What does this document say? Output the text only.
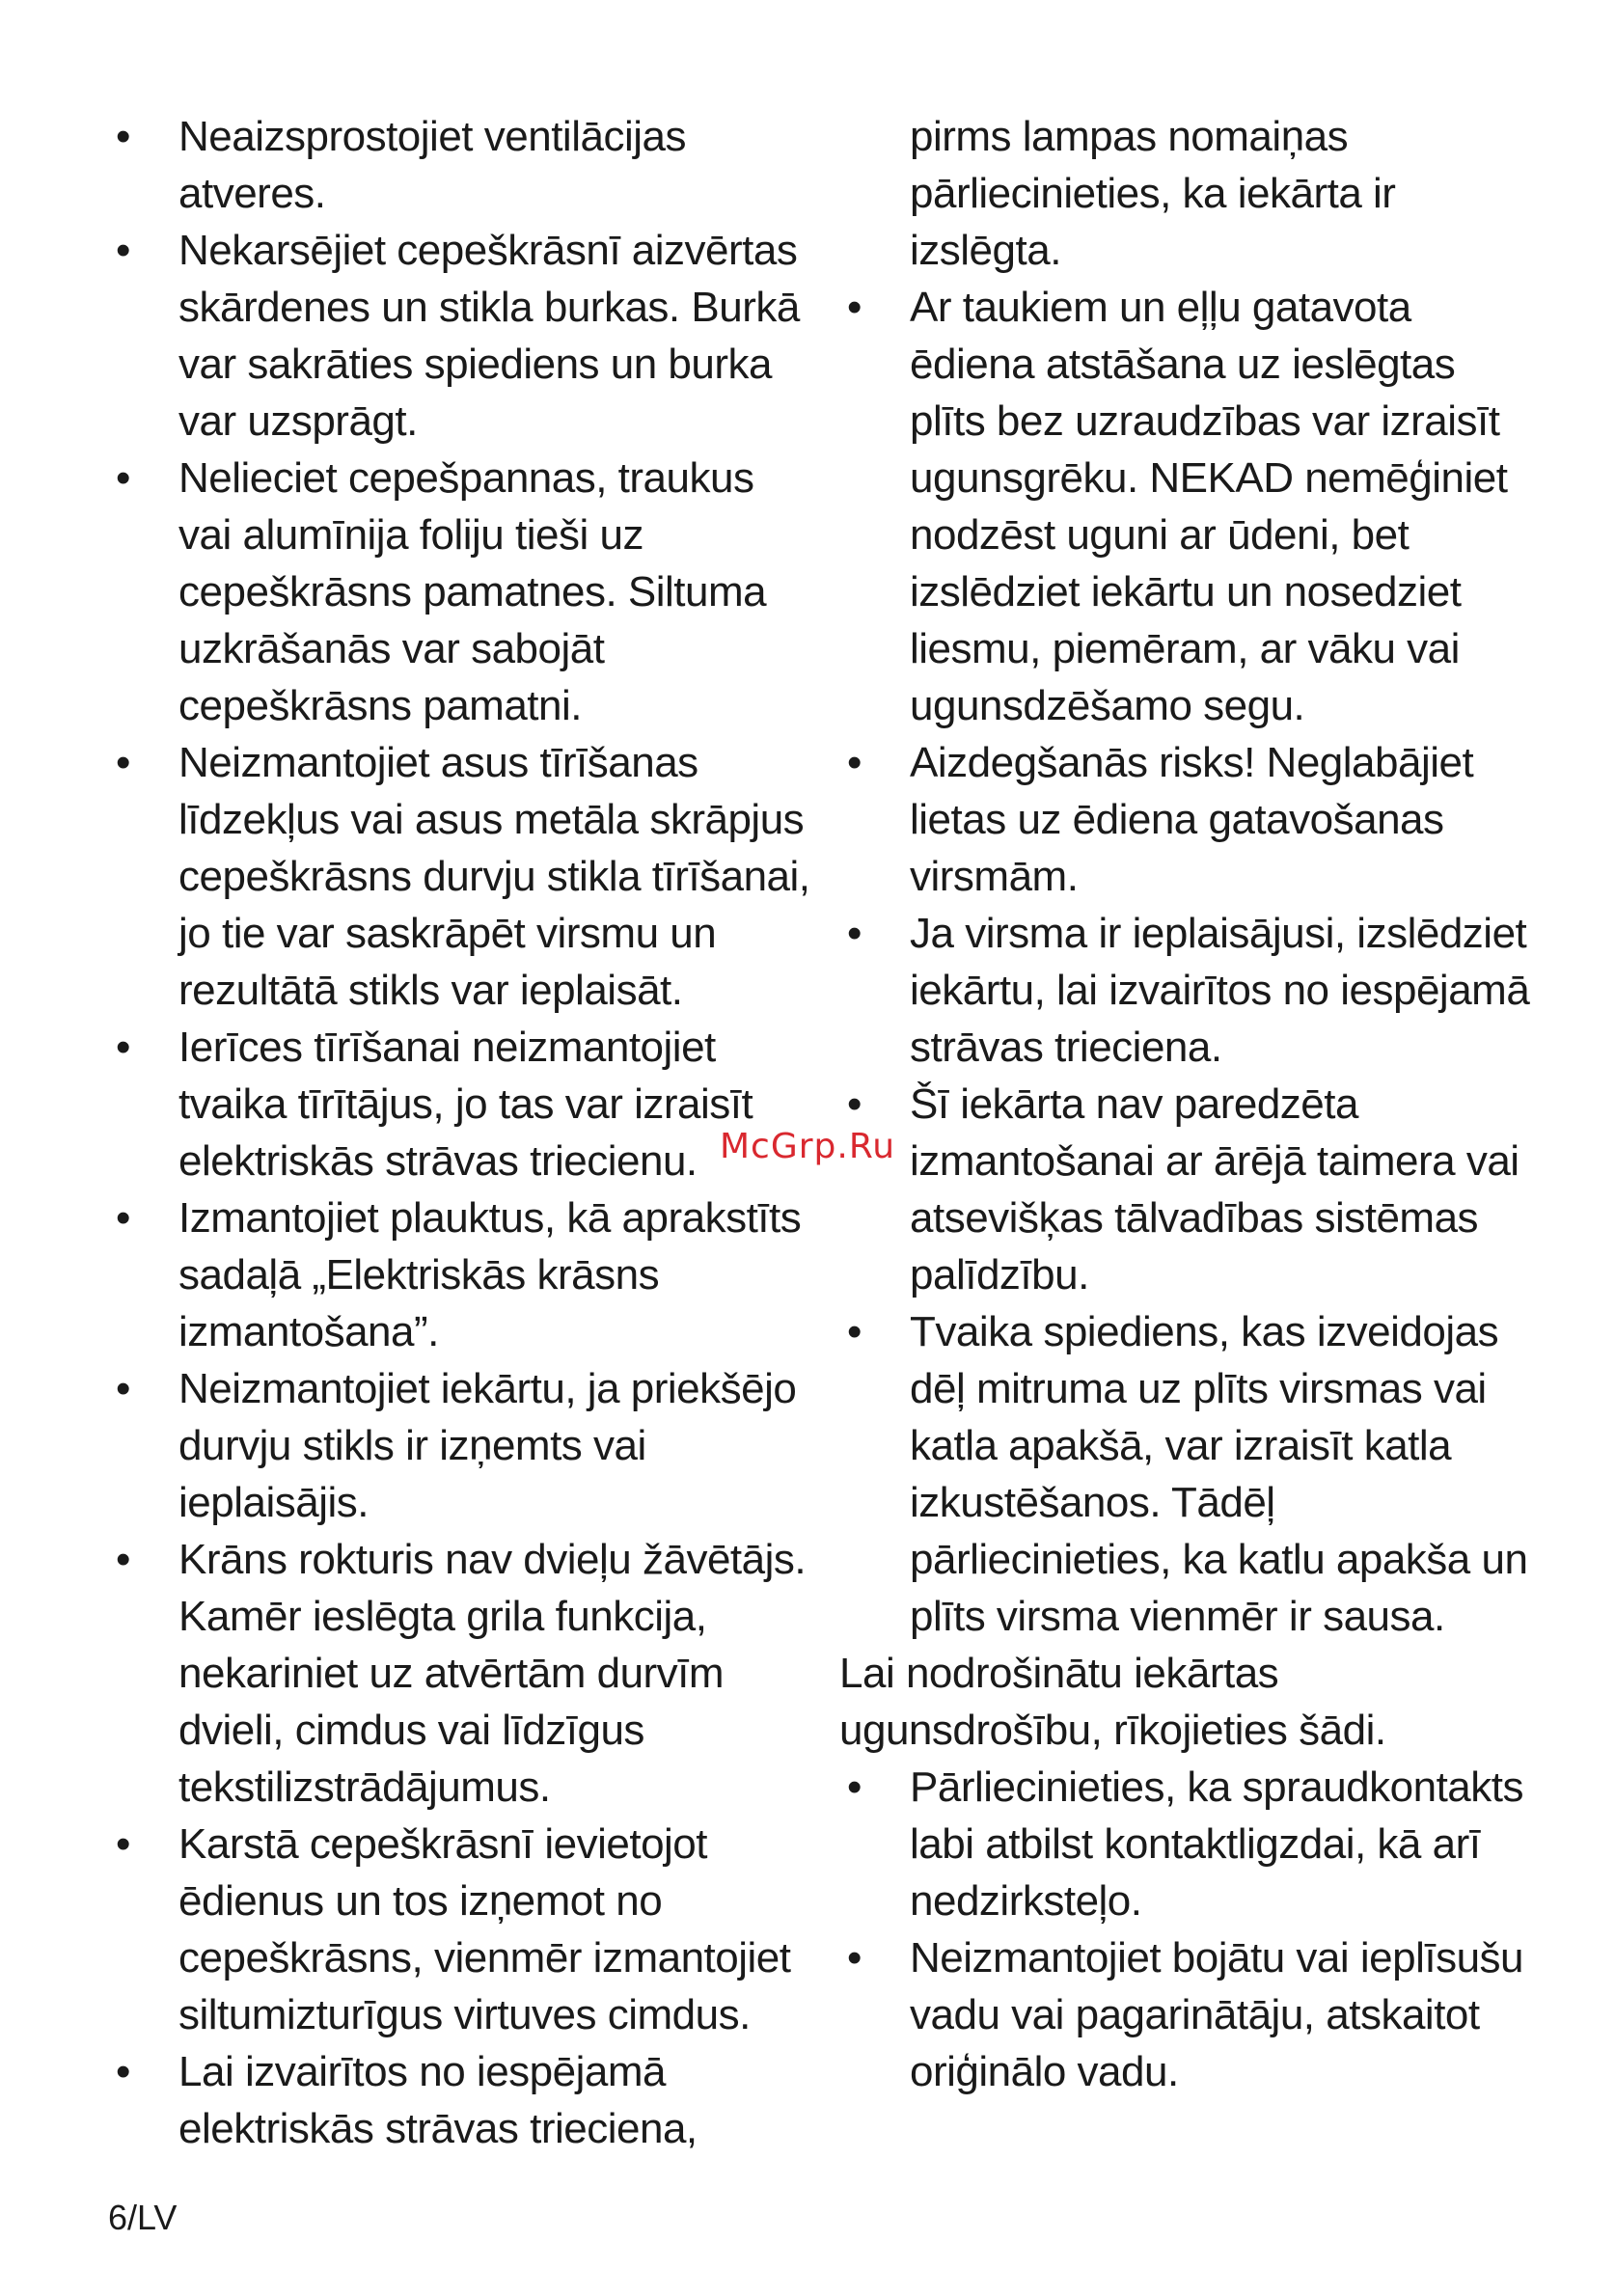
•	Neaizsprostojiet ventilācijas atveres.
•	Nekarsējiet cepeškrāsnī aizvērtas skārdenes un stikla burkas. Burkā var sakrāties spiediens un burka var uzsprāgt.
•	Nelieciet cepešpannas, traukus vai alumīnija foliju tieši uz cepeškrāsns pamatnes. Siltuma uzkrāšanās var sabojāt cepeškrāsns pamatni.
•	Neizmantojiet asus tīrīšanas līdzekļus vai asus metāla skrāpjus cepeškrāsns durvju stikla tīrīšanai, jo tie var saskrāpēt virsmu un rezultātā stikls var ieplaisāt.
•	Ierīces tīrīšanai neizmantojiet tvaika tīrītājus, jo tas var izraisīt elektriskās strāvas triecienu.
•	Izmantojiet plauktus, kā aprakstīts sadaļā „Elektriskās krāsns izmantošana”.
•	Neizmantojiet iekārtu, ja priekšējo durvju stikls ir izņemts vai ieplaisājis.
•	Krāns rokturis nav dvieļu žāvētājs. Kamēr ieslēgta grila funkcija, nekariniet uz atvērtām durvīm dvieli, cimdus vai līdzīgus tekstilizstrādājumus.
•	Karstā cepeškrāsnī ievietojot ēdienus un tos izņemot no cepeškrāsns, vienmēr izmantojiet siltumizturīgus virtuves cimdus.
•	Lai izvairītos no iespējamā elektriskās strāvas trieciena,

pirms lampas nomaiņas pārliecinieties, ka iekārta ir izslēgta.

•	Ar taukiem un eļļu gatavota ēdiena atstāšana uz ieslēgtas plīts bez uzraudzības var izraisīt ugunsgrēku. NEKAD nemēģiniet nodzēst uguni ar ūdeni, bet izslēdziet iekārtu un nosedziet liesmu, piemēram, ar vāku vai ugunsdzēšamo segu.
•	Aizdegšanās risks! Neglabājiet lietas uz ēdiena gatavošanas virsmām.
•	Ja virsma ir ieplaisājusi, izslēdziet iekārtu, lai izvairītos no iespējamā strāvas trieciena.
•	Šī iekārta nav paredzēta izmantošanai ar ārējā taimera vai atsevišķas tālvadības sistēmas palīdzību.
•	Tvaika spiediens, kas izveidojas dēļ mitruma uz plīts virsmas vai katla apakšā, var izraisīt katla izkustēšanos. Tādēļ pārliecinieties, ka katlu apakša un plīts virsma vienmēr ir sausa.

Lai nodrošinātu iekārtas ugunsdrošību, rīkojieties šādi.

•	Pārliecinieties, ka spraudkontakts labi atbilst kontaktligzdai, kā arī nedzirksteļo.
•	Neizmantojiet bojātu vai ieplīsušu vadu vai pagarinātāju, atskaitot oriģinālo vadu.
McGrp.Ru
6/LV
